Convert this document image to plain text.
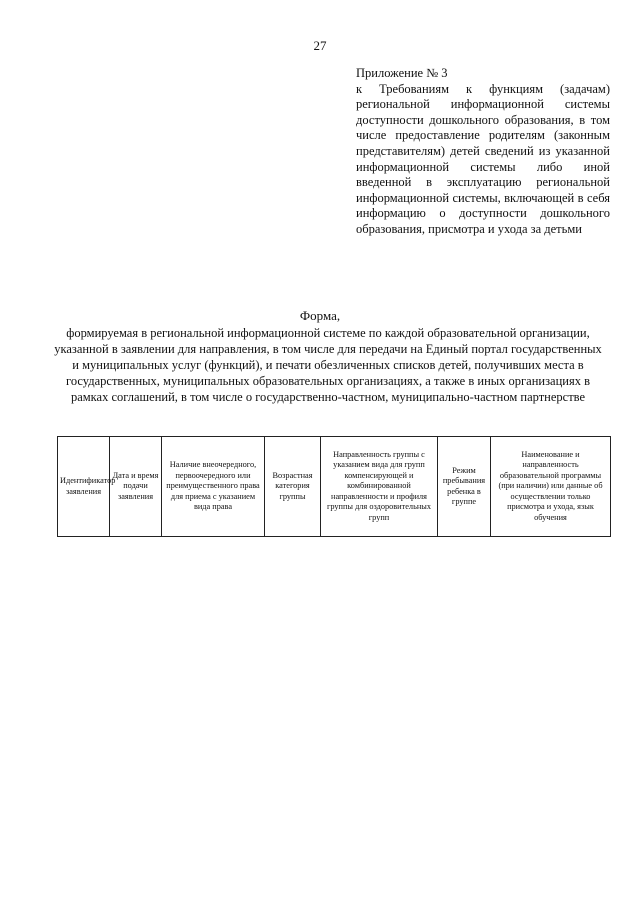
27
Приложение № 3
к Требованиям к функциям (задачам) региональной информационной системы доступности дошкольного образования, в том числе предоставление родителям (законным представителям) детей сведений из указанной информационной системы либо иной введенной в эксплуатацию региональной информационной системы, включающей в себя информацию о доступности дошкольного образования, присмотра и ухода за детьми
Форма,
формируемая в региональной информационной системе по каждой образовательной организации, указанной в заявлении для направления, в том числе для передачи на Единый портал государственных и муниципальных услуг (функций), и печати обезличенных списков детей, получивших места в государственных, муниципальных образовательных организациях, а также в иных организациях в рамках соглашений, в том числе о государственно-частном, муниципально-частном партнерстве
Идентификатор заявления	Дата и время подачи заявления	Наличие внеочередного, первоочередного или преимущественного права для приема с указанием вида права	Возрастная категория группы	Направленность группы с указанием вида для групп компенсирующей и комбинированной направленности и профиля группы для оздоровительных групп	Режим пребывания ребенка в группе	Наименование и направленность образовательной программы (при наличии) или данные об осуществлении только присмотра и ухода, язык обучения
